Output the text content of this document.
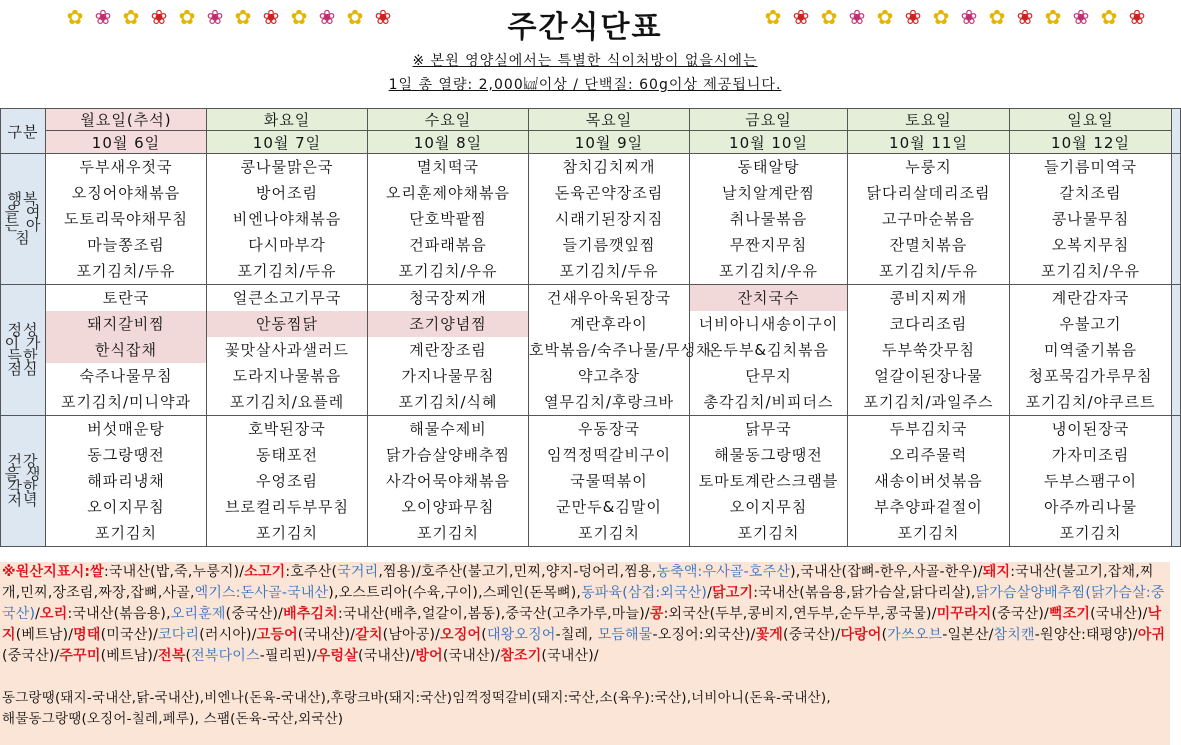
✿ ❀ ✿ ❀ ✿ ❀ ✿ ❀ ✿ ❀ ✿ ❀	주간식단표	✿ ❀ ✿ ❀ ✿ ❀ ✿ ❀ ✿ ❀ ✿ ❀ ✿ ❀
※ 본원 영양실에서는 특별한 식이처방이 없을시에는
1일 총 열량: 2,000㎉이상 / 단백질: 60g이상 제공됩니다.
구분	월요일(추석)	화요일	수요일	목요일	금요일	토요일	일요일	
	10월 6일	10월 7일	10월 8일	10월 9일	10월 10일	10월 11일	10월 12일	
행복을 여는 아침	두부새우젓국	콩나물맑은국	멸치떡국	참치김치찌개	동태알탕	누룽지	들기름미역국	
	오징어야채볶음	방어조림	오리훈제야채볶음	돈육곤약장조림	날치알계란찜	닭다리살데리조림	갈치조림	
	도토리묵야채무침	비엔나야채볶음	단호박팥찜	시래기된장지짐	취나물볶음	고구마순볶음	콩나물무침	
	마늘쫑조림	다시마부각	건파래볶음	들기름깻잎찜	무짠지무침	잔멸치볶음	오복지무침	
	포기김치/두유	포기김치/두유	포기김치/우유	포기김치/두유	포기김치/우유	포기김치/두유	포기김치/우유	
정성이 가득한 점심	토란국	얼큰소고기무국	청국장찌개	건새우아욱된장국	잔치국수	콩비지찌개	계란감자국	
	돼지갈비찜	안동찜닭	조기양념찜	계란후라이	너비아니새송이구이	코다리조림	우불고기	
	한식잡채	꽃맛살사과샐러드	계란장조림	호박볶음/숙주나물/무생채	온두부&김치볶음	두부쑥갓무침	미역줄기볶음	
	숙주나물무침	도라지나물볶음	가지나물무침	약고추장	단무지	얼갈이된장나물	청포묵김가루무침	
	포기김치/미니약과	포기김치/요플레	포기김치/식혜	열무김치/후랑크바	총각김치/비피더스	포기김치/과일주스	포기김치/야쿠르트	
건강을 생각한 저녁	버섯매운탕	호박된장국	해물수제비	우동장국	닭무국	두부김치국	냉이된장국	
	동그랑땡전	동태포전	닭가슴살양배추찜	임꺽정떡갈비구이	해물동그랑땡전	오리주물럭	가자미조림	
	해파리냉채	우엉조림	사각어묵야채볶음	국물떡볶이	토마토계란스크램블	새송이버섯볶음	두부스팸구이	
	오이지무침	브로컬리두부무침	오이양파무침	군만두&김말이	오이지무침	부추양파겉절이	아주까리나물	
	포기김치	포기김치	포기김치	포기김치	포기김치	포기김치	포기김치	

※원산지표시:쌀:국내산(밥,죽,누룽지)/소고기:호주산(국거리,찜용)/호주산(불고기,민찌,양지-덩어리,찜용,농축액:우사골-호주산),국내산(잡뼈-한우,사골-한우)/돼지:국내산(불고기,잡채,찌개,민찌,장조림,짜장,잡뼈,사골,엑기스:돈사골-국내산),오스트리아(수육,구이),스페인(돈목뼈),동파육(삼겹:외국산)/닭고기:국내산(볶음용,닭가슴살,닭다리살),닭가슴살양배추찜(닭가슴살:중국산)/오리:국내산(볶음용),오리훈제(중국산)/배추김치:국내산(배추,얼갈이,봄동),중국산(고추가루,마늘)/콩:외국산(두부,콩비지,연두부,순두부,콩국물)/미꾸라지(중국산)/뻑조기(국내산)/낙지(베트남)/명태(미국산)/코다리(러시아)/고등어(국내산)/갈치(남아공)/오징어(대왕오징어-칠레, 모듬해물-오징어:외국산)/꽃게(중국산)/다랑어(가쓰오브-일본산/참치캔-원양산:태평양)/아귀(중국산)/주꾸미(베트남)/전복(전복다이스-필리핀)/우렁살(국내산)/방어(국내산)/참조기(국내산)/

동그랑땡(돼지-국내산,닭-국내산),비엔나(돈육-국내산),후랑크바(돼지:국산)임꺽정떡갈비(돼지:국산,소(육우):국산),너비아니(돈육-국내산),

해물동그랑땡(오징어-칠레,페루), 스팸(돈육-국산,외국산)
